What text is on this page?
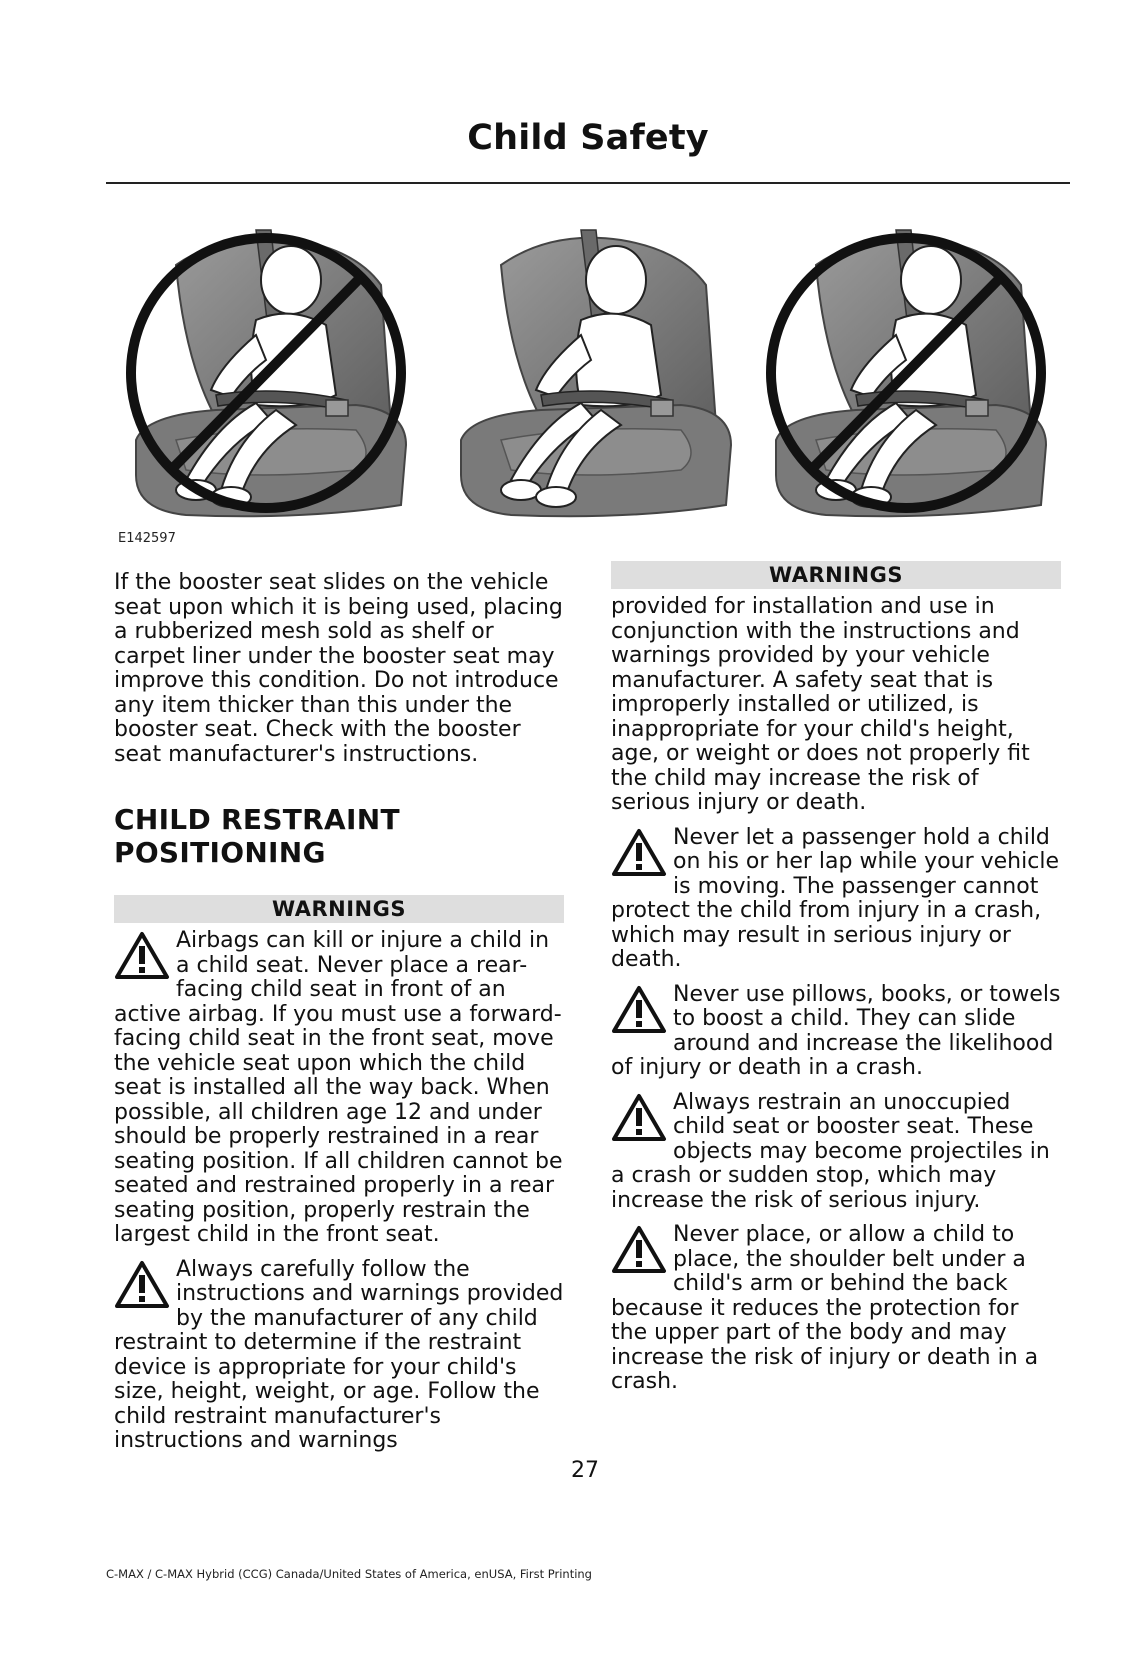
Child Safety
E142597

If the booster seat slides on the vehicle seat upon which it is being used, placing a rubberized mesh sold as shelf or carpet liner under the booster seat may improve this condition. Do not introduce any item thicker than this under the booster seat. Check with the booster seat manufacturer's instructions.

CHILD RESTRAINT
POSITIONING
WARNINGS
Airbags can kill or injure a child in a child seat. Never place a rear-facing child seat in front of an active airbag. If you must use a forward-facing child seat in the front seat, move the vehicle seat upon which the child seat is installed all the way back. When possible, all children age 12 and under should be properly restrained in a rear seating position. If all children cannot be seated and restrained properly in a rear seating position, properly restrain the largest child in the front seat.
Always carefully follow the instructions and warnings provided by the manufacturer of any child restraint to determine if the restraint device is appropriate for your child's size, height, weight, or age. Follow the child restraint manufacturer's instructions and warnings
WARNINGS

provided for installation and use in conjunction with the instructions and warnings provided by your vehicle manufacturer. A safety seat that is improperly installed or utilized, is inappropriate for your child's height, age, or weight or does not properly fit the child may increase the risk of serious injury or death.

Never let a passenger hold a child on his or her lap while your vehicle is moving. The passenger cannot protect the child from injury in a crash, which may result in serious injury or death.
Never use pillows, books, or towels to boost a child. They can slide around and increase the likelihood of injury or death in a crash.
Always restrain an unoccupied child seat or booster seat. These objects may become projectiles in a crash or sudden stop, which may increase the risk of serious injury.
Never place, or allow a child to place, the shoulder belt under a child's arm or behind the back because it reduces the protection for the upper part of the body and may increase the risk of injury or death in a crash.
27
C-MAX / C-MAX Hybrid (CCG) Canada/United States of America, enUSA, First Printing
